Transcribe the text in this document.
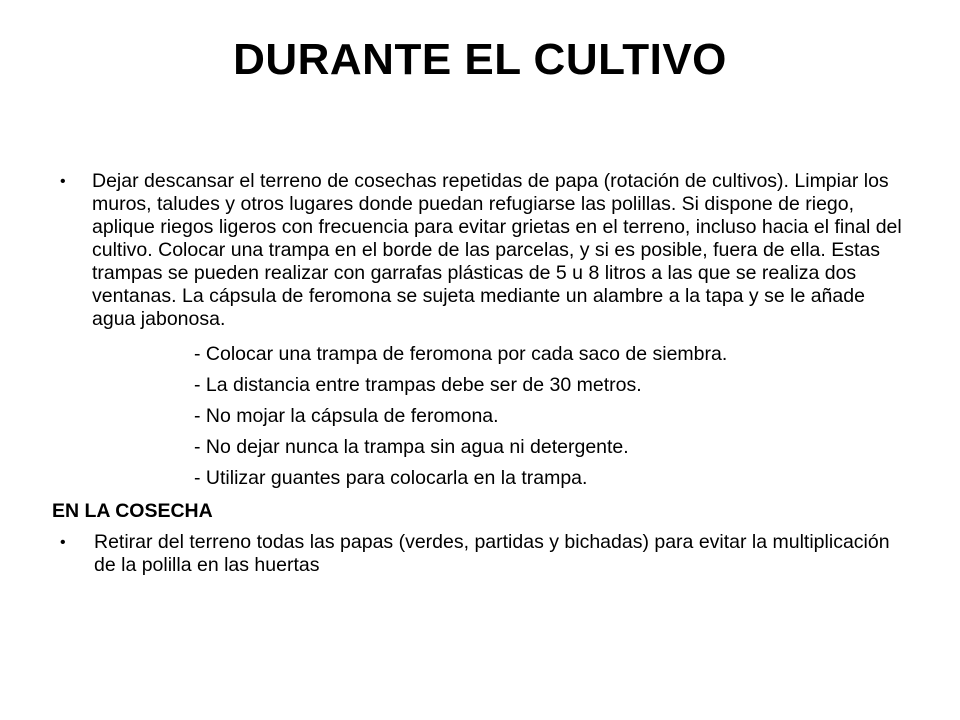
DURANTE EL CULTIVO
• Dejar descansar el terreno de cosechas repetidas de papa (rotación de cultivos). Limpiar los muros, taludes y otros lugares donde puedan refugiarse las polillas. Si dispone de riego, aplique riegos ligeros con frecuencia para evitar grietas en el terreno, incluso hacia el final del cultivo. Colocar una trampa en el borde de las parcelas, y si es posible, fuera de ella. Estas trampas se pueden realizar con garrafas plásticas de 5 u 8 litros a las que se realiza dos ventanas. La cápsula de feromona se sujeta mediante un alambre a la tapa y se le añade agua jabonosa.

- Colocar una trampa de feromona por cada saco de siembra.
- La distancia entre trampas debe ser de 30 metros.
- No mojar la cápsula de feromona.
- No dejar nunca la trampa sin agua ni detergente.
- Utilizar guantes para colocarla en la trampa.

EN LA COSECHA

• Retirar del terreno todas las papas (verdes, partidas y bichadas) para evitar la multiplicación de la polilla en las huertas
